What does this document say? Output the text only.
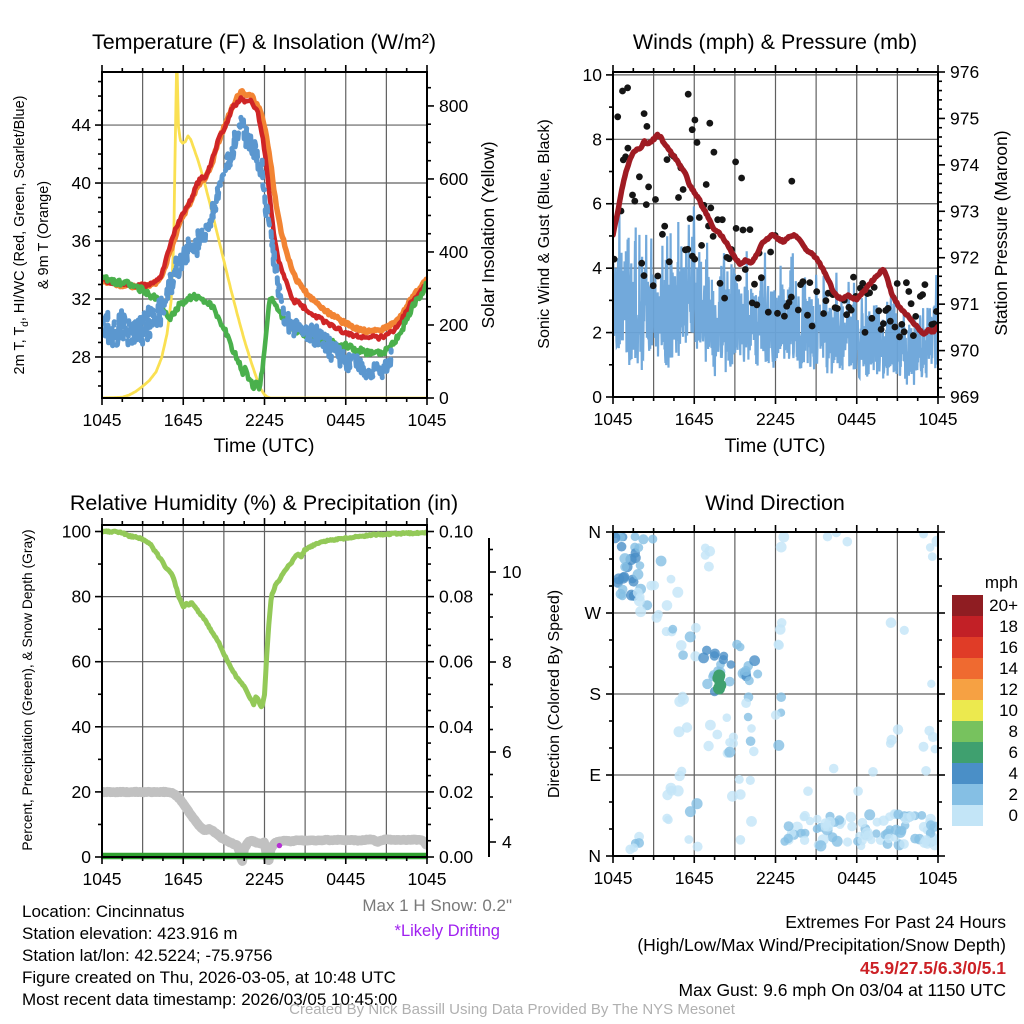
1045 1645 2245 0445 1045
28
32
36
40
44
0
200
400
600
800
1045 1645 2245 0445 1045
0
2
4
6
8
10
969
970
971
972
973
974
975
976
1045 1645 2245 0445 1045
0
20
40
60
80
100
0.00
0.02
0.04
0.06
0.08
0.10
4
6
8
10
1045 1645 2245 0445 1045
N
W
S
E
N
mph
20+
18
16
14
12
10
8
6
4
2
0
Temperature (F) & Insolation (W/m²)	Winds (mph) & Pressure (mb)
Relative Humidity (%) & Precipitation (in)	Wind Direction
Time (UTC)	Time (UTC)
2m T, $T_d$, HI/WC (Red, Green, Scarlet/Blue) & 9m T (Orange)	Solar Insolation (Yellow) Sonic Wind & Gust (Blue, Black)	Station Pressure (Maroon)
Percent, Precipitation (Green), & Snow Depth (Gray)	Direction (Colored By Speed)
Location: Cincinnatus
Station elevation: 423.916 m
Station lat/lon: 42.5224; -75.9756
Figure created on Thu, 2026-03-05, at 10:48 UTC
Most recent data timestamp: 2026/03/05 10:45:00
Max 1 H Snow: 0.2"
*Likely Drifting	Extremes For Past 24 Hours
(High/Low/Max Wind/Precipitation/Snow Depth)
45.9/27.5/6.3/0/5.1
Max Gust: 9.6 mph On 03/04 at 1150 UTC
Created By Nick Bassill Using Data Provided By The NYS Mesonet
